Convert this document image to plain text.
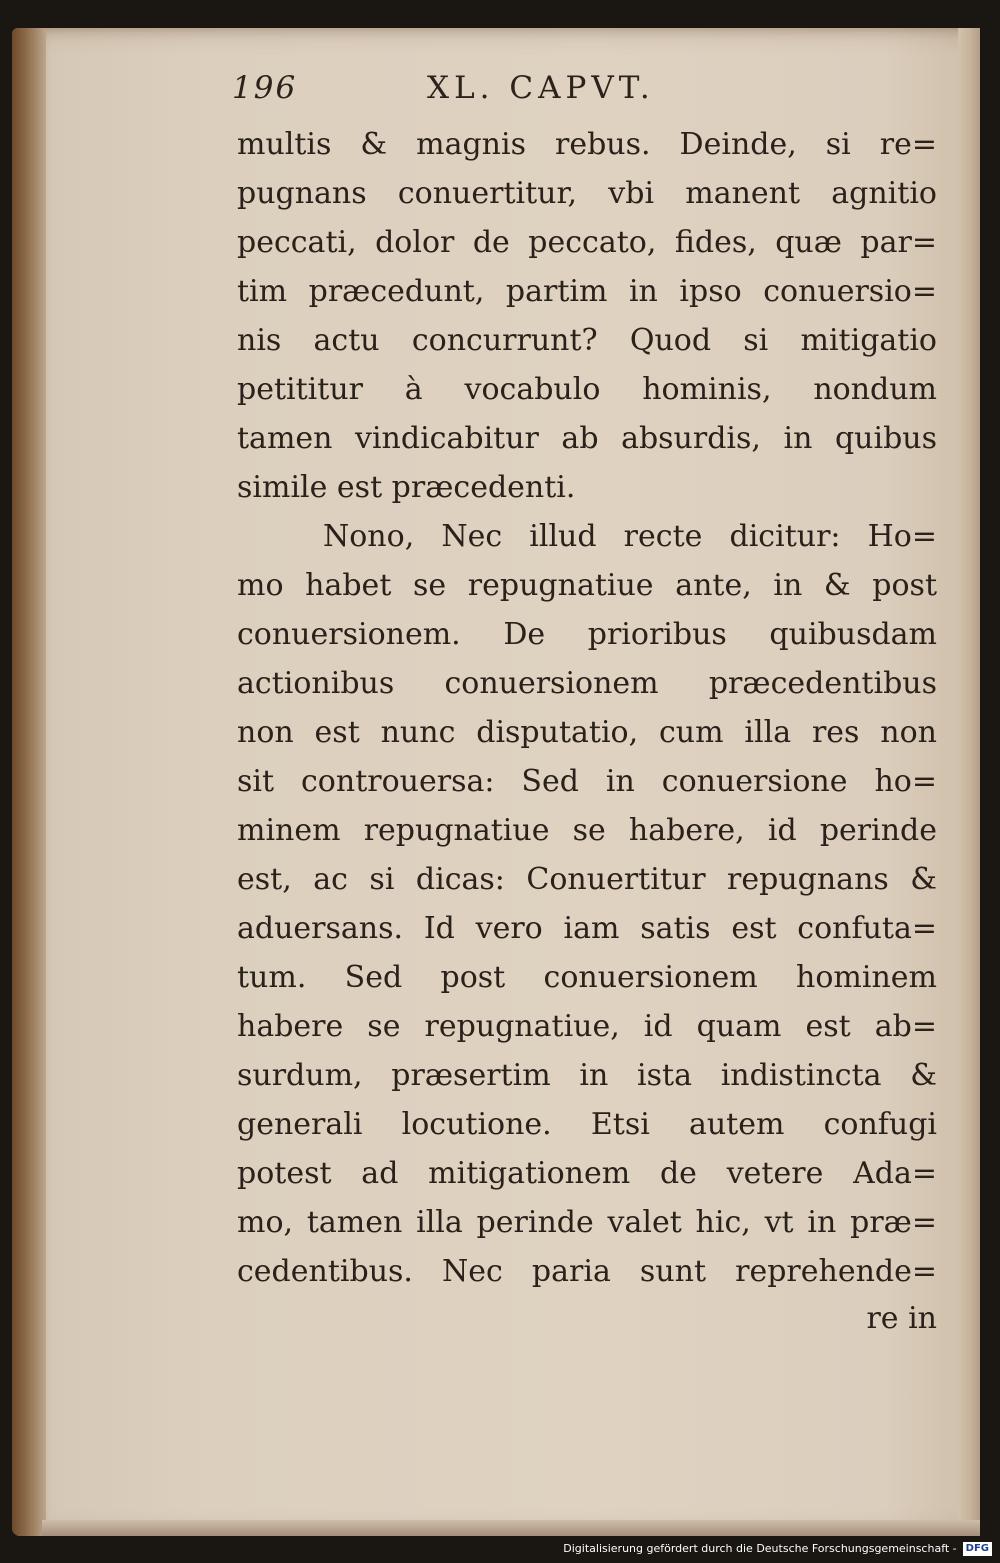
196	XL. CAPVT.
multis & magnis rebus. Deinde, si re=
pugnans conuertitur, vbi manent agnitio
peccati, dolor de peccato, fides, quæ par=
tim præcedunt, partim in ipso conuersio=
nis actu concurrunt? Quod si mitigatio
petititur à vocabulo hominis, nondum
tamen vindicabitur ab absurdis, in quibus
simile est præcedenti.
Nono, Nec illud recte dicitur: Ho=
mo habet se repugnatiue ante, in & post
conuersionem. De prioribus quibusdam
actionibus conuersionem præcedentibus
non est nunc disputatio, cum illa res non
sit controuersa: Sed in conuersione ho=
minem repugnatiue se habere, id perinde
est, ac si dicas: Conuertitur repugnans &
aduersans. Id vero iam satis est confuta=
tum. Sed post conuersionem hominem
habere se repugnatiue, id quam est ab=
surdum, præsertim in ista indistincta &
generali locutione. Etsi autem confugi
potest ad mitigationem de vetere Ada=
mo, tamen illa perinde valet hic, vt in præ=
cedentibus. Nec paria sunt reprehende=
re in
Digitalisierung gefördert durch die Deutsche Forschungsgemeinschaft - DFG
